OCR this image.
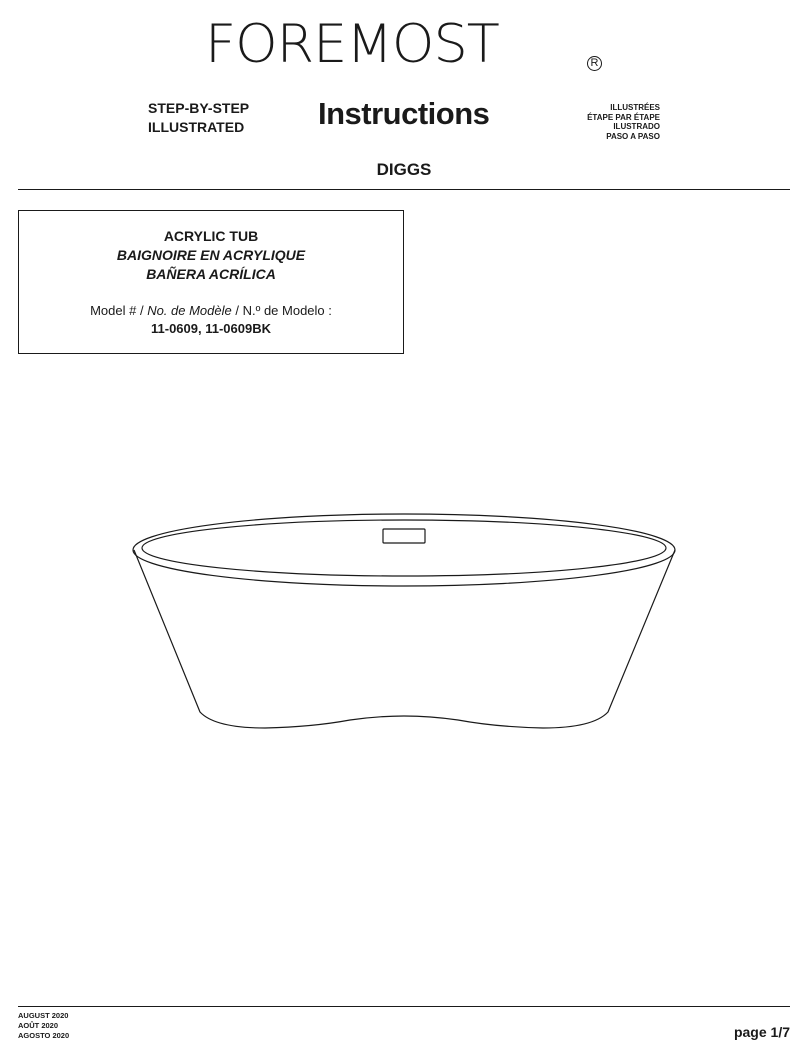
FOREMOST	R
STEP-BY-STEP
ILLUSTRATED Instructions	ILLUSTRÉES
ÉTAPE PAR ÉTAPE
ILUSTRADO
PASO A PASO
DIGGS
ACRYLIC TUB
BAIGNOIRE EN ACRYLIQUE
BAÑERA ACRÍLICA
Model # / No. de Modèle / N.º de Modelo :
11-0609, 11-0609BK
AUGUST 2020
AOÛT 2020
AGOSTO 2020	page 1/7
